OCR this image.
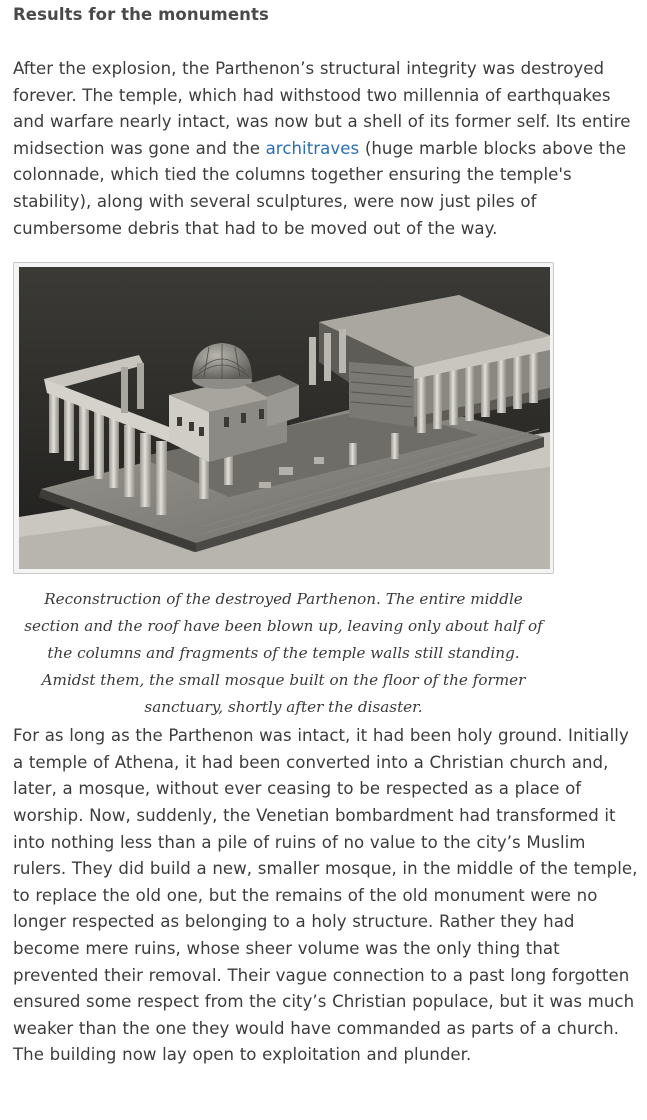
Results for the monuments

After the explosion, the Parthenon’s structural integrity was destroyed forever. The temple, which had withstood two millennia of earthquakes and warfare nearly intact, was now but a shell of its former self. Its entire midsection was gone and the architraves (huge marble blocks above the colonnade, which tied the columns together ensuring the temple's stability), along with several sculptures, were now just piles of cumbersome debris that had to be moved out of the way.

Reconstruction of the destroyed Parthenon. The entire middle
section and the roof have been blown up, leaving only about half of
the columns and fragments of the temple walls still standing.
Amidst them, the small mosque built on the floor of the former
sanctuary, shortly after the disaster.

For as long as the Parthenon was intact, it had been holy ground. Initially a temple of Athena, it had been converted into a Christian church and, later, a mosque, without ever ceasing to be respected as a place of worship. Now, suddenly, the Venetian bombardment had transformed it into nothing less than a pile of ruins of no value to the city’s Muslim rulers. They did build a new, smaller mosque, in the middle of the temple, to replace the old one, but the remains of the old monument were no longer respected as belonging to a holy structure. Rather they had become mere ruins, whose sheer volume was the only thing that prevented their removal. Their vague connection to a past long forgotten ensured some respect from the city’s Christian populace, but it was much weaker than the one they would have commanded as parts of a church. The building now lay open to exploitation and plunder.
